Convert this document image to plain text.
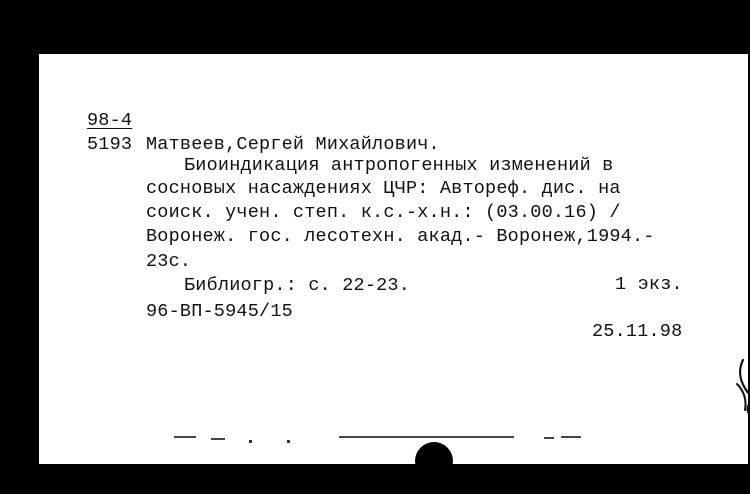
98-4
5193 Матвеев,Сергей Михайлович.
Биоиндикация антропогенных изменений в
сосновых насаждениях ЦЧР: Автореф. дис. на
соиск. учен. степ. к.с.-х.н.: (03.00.16) /
Воронеж. гос. лесотехн. акад.- Воронеж,1994.-
23с.
Библиогр.: с. 22-23.	1 экз.
96-ВП-5945/15
25.11.98
